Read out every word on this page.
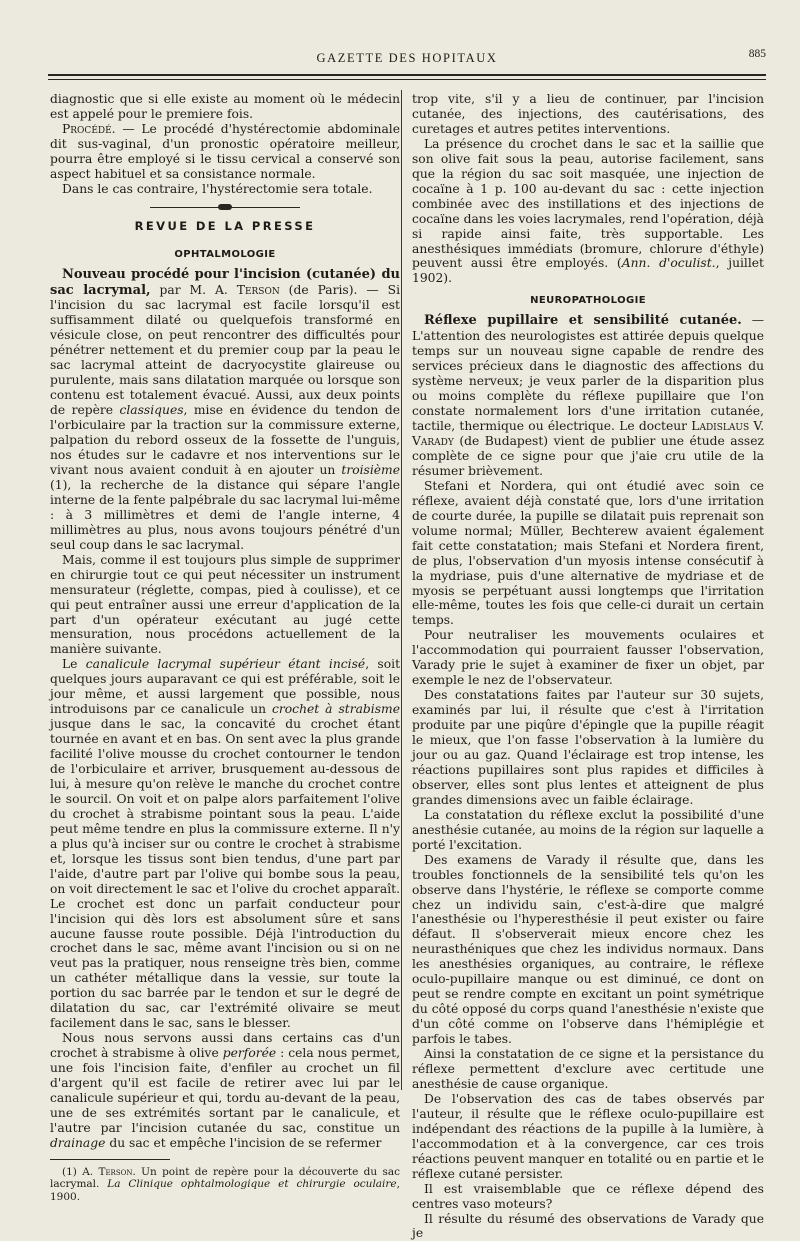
GAZETTE DES HOPITAUX	885

diagnostic que si elle existe au moment où le médecin est appelé pour le premiere fois.

Procédé. — Le procédé d'hystérectomie abdominale dit sus-vaginal, d'un pronostic opératoire meilleur, pourra être employé si le tissu cervical a conservé son aspect habituel et sa consistance normale.

Dans le cas contraire, l'hystérectomie sera totale.

REVUE DE LA PRESSE
OPHTALMOLOGIE

Nouveau procédé pour l'incision (cutanée) du sac lacrymal, par M. A. Terson (de Paris). — Si l'incision du sac lacrymal est facile lorsqu'il est suffisamment dilaté ou quelquefois transformé en vésicule close, on peut rencontrer des difficultés pour pénétrer nettement et du premier coup par la peau le sac lacrymal atteint de dacryocystite glaireuse ou purulente, mais sans dilatation marquée ou lorsque son contenu est totalement évacué. Aussi, aux deux points de repère classiques, mise en évidence du tendon de l'orbiculaire par la traction sur la commissure externe, palpation du rebord osseux de la fossette de l'unguis, nos études sur le cadavre et nos interventions sur le vivant nous avaient conduit à en ajouter un troisième (1), la recherche de la distance qui sépare l'angle interne de la fente palpébrale du sac lacrymal lui-même : à 3 millimètres et demi de l'angle interne, 4 millimètres au plus, nous avons toujours pénétré d'un seul coup dans le sac lacrymal.

Mais, comme il est toujours plus simple de supprimer en chirurgie tout ce qui peut nécessiter un instrument mensurateur (réglette, compas, pied à coulisse), et ce qui peut entraîner aussi une erreur d'application de la part d'un opérateur exécutant au jugé cette mensuration, nous procédons actuellement de la manière suivante.

Le canalicule lacrymal supérieur étant incisé, soit quelques jours auparavant ce qui est préférable, soit le jour même, et aussi largement que possible, nous introduisons par ce canalicule un crochet à strabisme jusque dans le sac, la concavité du crochet étant tournée en avant et en bas. On sent avec la plus grande facilité l'olive mousse du crochet contourner le tendon de l'orbiculaire et arriver, brusquement au-dessous de lui, à mesure qu'on relève le manche du crochet contre le sourcil. On voit et on palpe alors parfaitement l'olive du crochet à strabisme pointant sous la peau. L'aide peut même tendre en plus la commissure externe. Il n'y a plus qu'à inciser sur ou contre le crochet à strabisme et, lorsque les tissus sont bien tendus, d'une part par l'aide, d'autre part par l'olive qui bombe sous la peau, on voit directement le sac et l'olive du crochet apparaît. Le crochet est donc un parfait conducteur pour l'incision qui dès lors est absolument sûre et sans aucune fausse route possible. Déjà l'introduction du crochet dans le sac, même avant l'incision ou si on ne veut pas la pratiquer, nous renseigne très bien, comme un cathéter métallique dans la vessie, sur toute la portion du sac barrée par le tendon et sur le degré de dilatation du sac, car l'extrémité olivaire se meut facilement dans le sac, sans le blesser.

Nous nous servons aussi dans certains cas d'un crochet à strabisme à olive perforée : cela nous permet, une fois l'incision faite, d'enfiler au crochet un fil d'argent qu'il est facile de retirer avec lui par le canalicule supérieur et qui, tordu au-devant de la peau, une de ses extrémités sortant par le canalicule, et l'autre par l'incision cutanée du sac, constitue un drainage du sac et empêche l'incision de se refermer

(1) A. Terson. Un point de repère pour la découverte du sac lacrymal. La Clinique ophtalmologique et chirurgie oculaire, 1900.

trop vite, s'il y a lieu de continuer, par l'incision cutanée, des injections, des cautérisations, des curetages et autres petites interventions.

La présence du crochet dans le sac et la saillie que son olive fait sous la peau, autorise facilement, sans que la région du sac soit masquée, une injection de cocaïne à 1 p. 100 au-devant du sac : cette injection combinée avec des instillations et des injections de cocaïne dans les voies lacrymales, rend l'opération, déjà si rapide ainsi faite, très supportable. Les anesthésiques immédiats (bromure, chlorure d'éthyle) peuvent aussi être employés. (Ann. d'oculist., juillet 1902).

NEUROPATHOLOGIE

Réflexe pupillaire et sensibilité cutanée. — L'attention des neurologistes est attirée depuis quelque temps sur un nouveau signe capable de rendre des services précieux dans le diagnostic des affections du système nerveux; je veux parler de la disparition plus ou moins complète du réflexe pupillaire que l'on constate normalement lors d'une irritation cutanée, tactile, thermique ou électrique. Le docteur Ladislaus V. Varady (de Budapest) vient de publier une étude assez complète de ce signe pour que j'aie cru utile de la résumer brièvement.

Stefani et Nordera, qui ont étudié avec soin ce réflexe, avaient déjà constaté que, lors d'une irritation de courte durée, la pupille se dilatait puis reprenait son volume normal; Müller, Bechterew avaient également fait cette constatation; mais Stefani et Nordera firent, de plus, l'observation d'un myosis intense consécutif à la mydriase, puis d'une alternative de mydriase et de myosis se perpétuant aussi longtemps que l'irritation elle-même, toutes les fois que celle-ci durait un certain temps.

Pour neutraliser les mouvements oculaires et l'accommodation qui pourraient fausser l'observation, Varady prie le sujet à examiner de fixer un objet, par exemple le nez de l'observateur.

Des constatations faites par l'auteur sur 30 sujets, examinés par lui, il résulte que c'est à l'irritation produite par une piqûre d'épingle que la pupille réagit le mieux, que l'on fasse l'observation à la lumière du jour ou au gaz. Quand l'éclairage est trop intense, les réactions pupillaires sont plus rapides et difficiles à observer, elles sont plus lentes et atteignent de plus grandes dimensions avec un faible éclairage.

La constatation du réflexe exclut la possibilité d'une anesthésie cutanée, au moins de la région sur laquelle a porté l'excitation.

Des examens de Varady il résulte que, dans les troubles fonctionnels de la sensibilité tels qu'on les observe dans l'hystérie, le réflexe se comporte comme chez un individu sain, c'est-à-dire que malgré l'anesthésie ou l'hyperesthésie il peut exister ou faire défaut. Il s'observerait mieux encore chez les neurasthéniques que chez les individus normaux. Dans les anesthésies organiques, au contraire, le réflexe oculo-pupillaire manque ou est diminué, ce dont on peut se rendre compte en excitant un point symétrique du côté opposé du corps quand l'anesthésie n'existe que d'un côté comme on l'observe dans l'hémiplégie et parfois le tabes.

Ainsi la constatation de ce signe et la persistance du réflexe permettent d'exclure avec certitude une anesthésie de cause organique.

De l'observation des cas de tabes observés par l'auteur, il résulte que le réflexe oculo-pupillaire est indépendant des réactions de la pupille à la lumière, à l'accommodation et à la convergence, car ces trois réactions peuvent manquer en totalité ou en partie et le réflexe cutané persister.

Il est vraisemblable que ce réflexe dépend des centres vaso moteurs?

Il résulte du résumé des observations de Varady que je
